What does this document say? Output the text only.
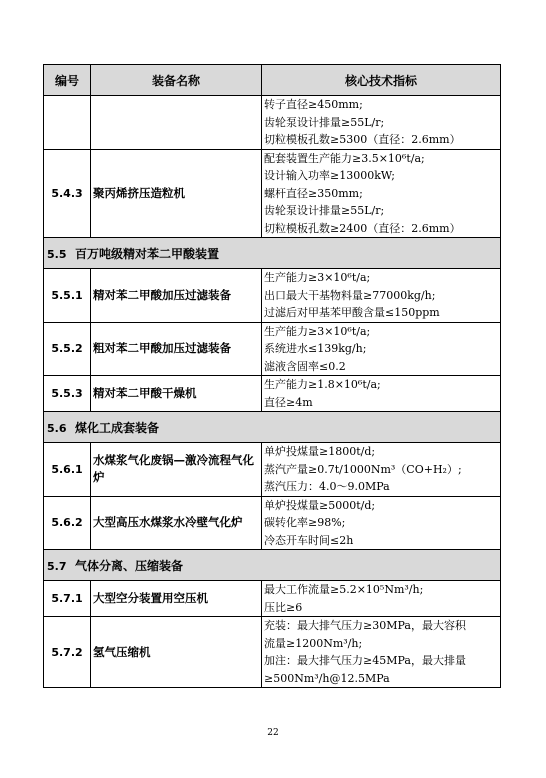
编号	装备名称	核心技术指标

		转子直径≥450mm;
齿轮泵设计排量≥55L/r;
切粒模板孔数≥5300（直径：2.6mm）

5.4.3	聚丙烯挤压造粒机	配套装置生产能力≥3.5×10⁶t/a;
设计输入功率≥13000kW;
螺杆直径≥350mm;
齿轮泵设计排量≥55L/r;
切粒模板孔数≥2400（直径：2.6mm）

5.5 百万吨级精对苯二甲酸装置		
5.5.1	精对苯二甲酸加压过滤装备	生产能力≥3×10⁶t/a;
出口最大干基物料量≥77000kg/h;
过滤后对甲基苯甲酸含量≤150ppm

5.5.2	粗对苯二甲酸加压过滤装备	生产能力≥3×10⁶t/a;
系统进水≤139kg/h;
滤液含固率≤0.2

5.5.3	精对苯二甲酸干燥机	生产能力≥1.8×10⁶t/a;
直径≥4m

5.6 煤化工成套装备		
5.6.1	水煤浆气化废锅—激冷流程气化炉	单炉投煤量≥1800t/d;
蒸汽产量≥0.7t/1000Nm³（CO+H₂）;
蒸汽压力：4.0～9.0MPa

5.6.2	大型高压水煤浆水冷壁气化炉	单炉投煤量≥5000t/d;
碳转化率≥98%;
冷态开车时间≤2h

5.7 气体分离、压缩装备		
5.7.1	大型空分装置用空压机	最大工作流量≥5.2×10⁵Nm³/h;
压比≥6

5.7.2	氢气压缩机	充装：最大排气压力≥30MPa，最大容积
流量≥1200Nm³/h;
加注：最大排气压力≥45MPa，最大排量
≥500Nm³/h@12.5MPa
22
